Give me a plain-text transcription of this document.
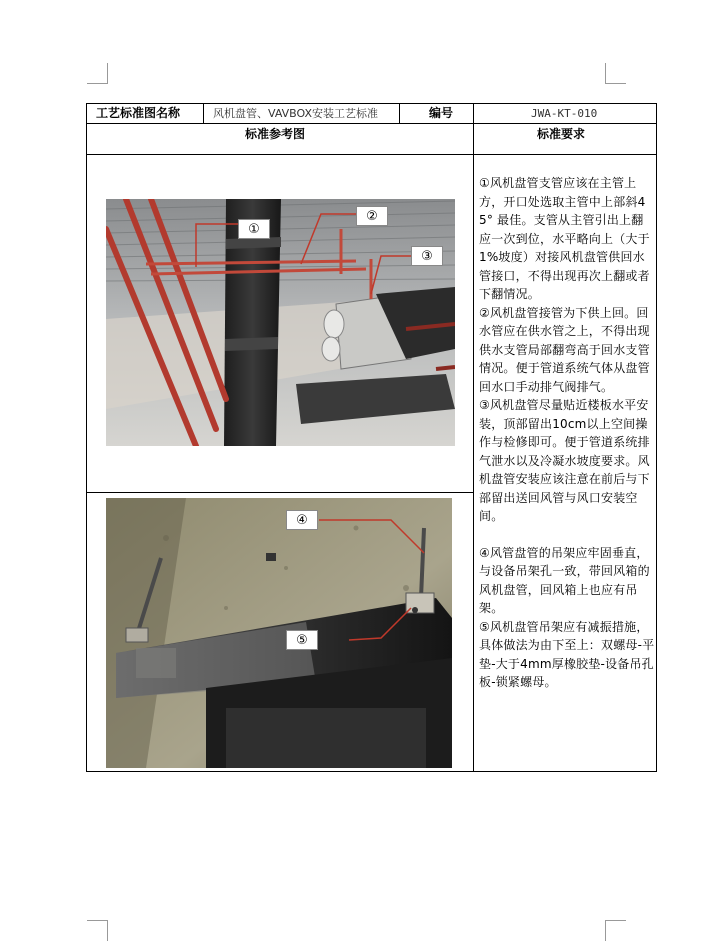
工艺标准图名称	风机盘管、VAVBOX安装工艺标准	编号	JWA-KT-010
标准参考图	标准要求

①风机盘管支管应该在主管上方，开口处选取主管中上部斜45° 最佳。支管从主管引出上翻应一次到位，水平略向上（大于1%坡度）对接风机盘管供回水管接口，不得出现再次上翻或者下翻情况。

②风机盘管接管为下供上回。回水管应在供水管之上，不得出现供水支管局部翻弯高于回水支管情况。便于管道系统气体从盘管回水口手动排气阀排气。

③风机盘管尽量贴近楼板水平安装，顶部留出10cm以上空间操作与检修即可。便于管道系统排气泄水以及冷凝水坡度要求。风机盘管安装应该注意在前后与下部留出送回风管与风口安装空间。

④风管盘管的吊架应牢固垂直，与设备吊架孔一致，带回风箱的风机盘管，回风箱上也应有吊架。

⑤风机盘管吊架应有减振措施，具体做法为由下至上：双螺母-平垫-大于4mm厚橡胶垫-设备吊孔板-锁紧螺母。

①
②
③
④
⑤
